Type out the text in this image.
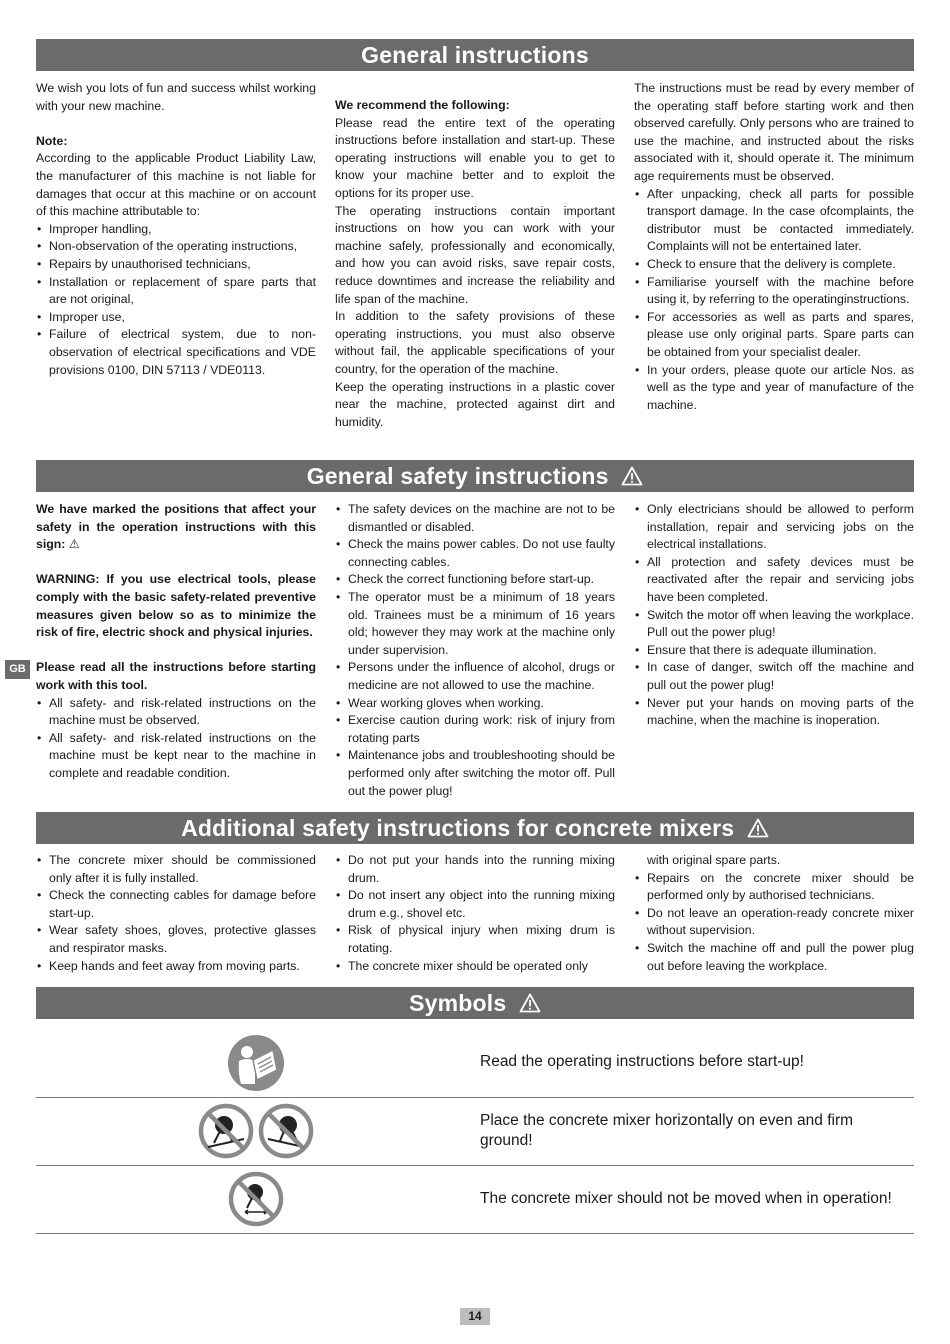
General instructions

We wish you lots of fun and success whilst working with your new machine.

Note:

According to the applicable Product Liability Law, the manufacturer of this machine is not liable for damages that occur at this machine or on account of this machine attributable to:

• Improper handling,
• Non-observation of the operating instructions,
• Repairs by unauthorised technicians,
• Installation or replacement of spare parts that are not original,
• Improper use,
• Failure of electrical system, due to non-observation of electrical specifications and VDE provisions 0100, DIN 57113 / VDE0113.

We recommend the following:

Please read the entire text of the operating instructions before installation and start-up. These operating instructions will enable you to get to know your machine better and to exploit the options for its proper use.

The operating instructions contain important instructions on how you can work with your machine safely, professionally and economically, and how you can avoid risks, save repair costs, reduce downtimes and increase the reliability and life span of the machine.

In addition to the safety provisions of these operating instructions, you must also observe without fail, the applicable specifications of your country, for the operation of the machine.

Keep the operating instructions in a plastic cover near the machine, protected against dirt and humidity.

The instructions must be read by every member of the operating staff before starting work and then observed carefully. Only persons who are trained to use the machine, and instructed about the risks associated with it, should operate it. The minimum age requirements must be observed.

• After unpacking, check all parts for possible transport damage. In the case ofcomplaints, the distributor must be contacted immediately. Complaints will not be entertained later.
• Check to ensure that the delivery is complete.
• Familiarise yourself with the machine before using it, by referring to the operatinginstructions.
• For accessories as well as parts and spares, please use only original parts. Spare parts can be obtained from your specialist dealer.
• In your orders, please quote our article Nos. as well as the type and year of manufacture of the machine.
General safety instructions

We have marked the positions that affect your safety in the operation instructions with this sign: ⚠

WARNING: If you use electrical tools, please comply with the basic safety-related preventive measures given below so as to minimize the risk of fire, electric shock and physical injuries.

Please read all the instructions before starting work with this tool.

• All safety- and risk-related instructions on the machine must be observed.
• All safety- and risk-related instructions on the machine must be kept near to the machine in complete and readable condition.
• The safety devices on the machine are not to be dismantled or disabled.
• Check the mains power cables. Do not use faulty connecting cables.
• Check the correct functioning before start-up.
• The operator must be a minimum of 18 years old. Trainees must be a minimum of 16 years old; however they may work at the machine only under supervision.
• Persons under the influence of alcohol, drugs or medicine are not allowed to use the machine.
• Wear working gloves when working.
• Exercise caution during work: risk of injury from rotating parts
• Maintenance jobs and troubleshooting should be performed only after switching the motor off. Pull out the power plug!
• Only electricians should be allowed to perform installation, repair and servicing jobs on the electrical installations.
• All protection and safety devices must be reactivated after the repair and servicing jobs have been completed.
• Switch the motor off when leaving the workplace. Pull out the power plug!
• Ensure that there is adequate illumination.
• In case of danger, switch off the machine and pull out the power plug!
• Never put your hands on moving parts of the machine, when the machine is inoperation.
GB
Additional safety instructions for concrete mixers
• The concrete mixer should be commissioned only after it is fully installed.
• Check the connecting cables for damage before start-up.
• Wear safety shoes, gloves, protective glasses and respirator masks.
• Keep hands and feet away from moving parts.
• Do not put your hands into the running mixing drum.
• Do not insert any object into the running mixing drum e.g., shovel etc.
• Risk of physical injury when mixing drum is rotating.
• The concrete mixer should be operated only

with original spare parts.

• Repairs on the concrete mixer should be performed only by authorised technicians.
• Do not leave an operation-ready concrete mixer without supervision.
• Switch the machine off and pull the power plug out before leaving the workplace.
Symbols
Read the operating instructions before start-up!
Place the concrete mixer horizontally on even and firm ground!
The concrete mixer should not be moved when in operation!
14
